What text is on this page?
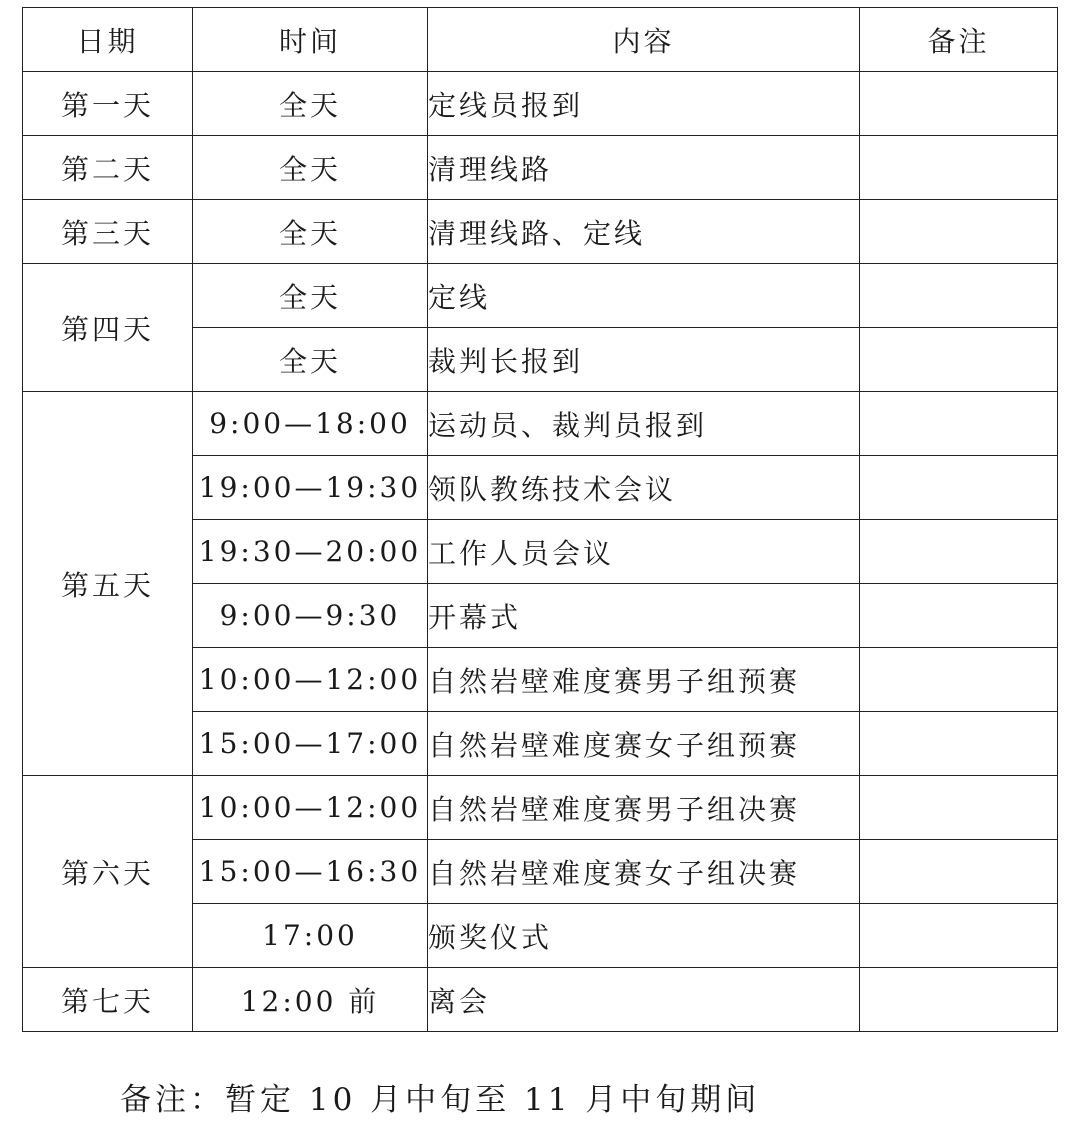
日期	时间	内容	备注
第一天	全天	定线员报到	
第二天	全天	清理线路	
第三天	全天	清理线路、定线	
第四天	全天	定线	
	全天	裁判长报到	
第五天	9:00—18:00	运动员、裁判员报到	
	19:00—19:30	领队教练技术会议	
	19:30—20:00	工作人员会议	
	9:00—9:30	开幕式	
	10:00—12:00	自然岩壁难度赛男子组预赛	
	15:00—17:00	自然岩壁难度赛女子组预赛	
第六天	10:00—12:00	自然岩壁难度赛男子组决赛	
	15:00—16:30	自然岩壁难度赛女子组决赛	
	17:00	颁奖仪式	
第七天	12:00 前	离会	
备注：暂定 10 月中旬至 11 月中旬期间
